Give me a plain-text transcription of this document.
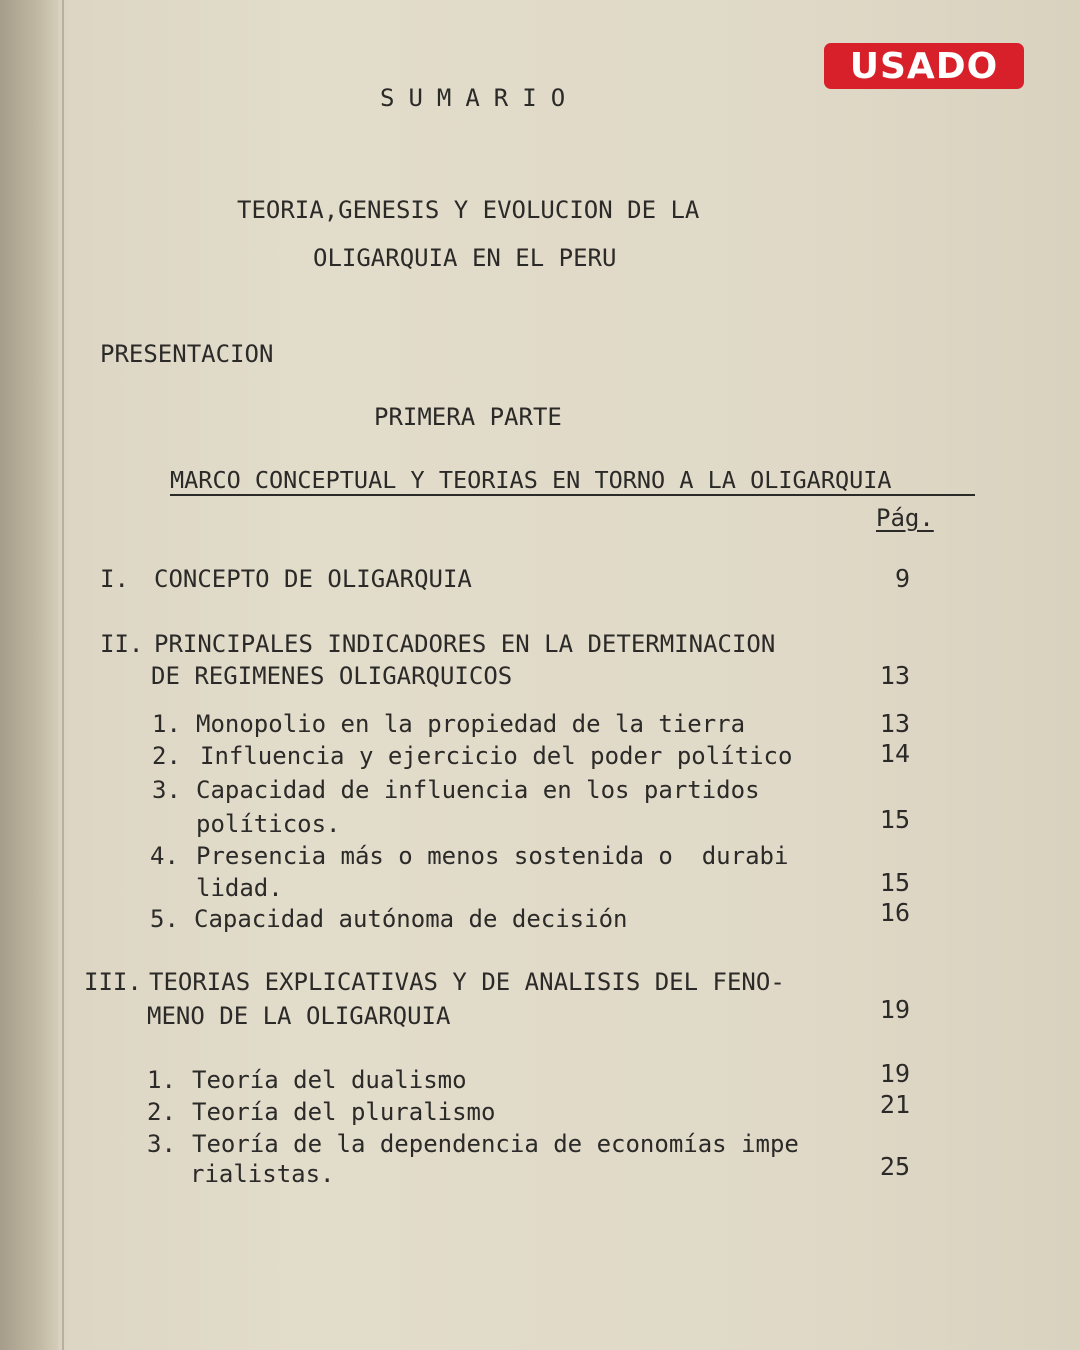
USADO
SUMARIO
TEORIA,GENESIS Y EVOLUCION DE LA
OLIGARQUIA EN EL PERU
PRESENTACION
PRIMERA PARTE
MARCO CONCEPTUAL Y TEORIAS EN TORNO A LA OLIGARQUIA
Pág.
I. CONCEPTO DE OLIGARQUIA	9
II. PRINCIPALES INDICADORES EN LA DETERMINACION
DE REGIMENES OLIGARQUICOS	13
1. Monopolio en la propiedad de la tierra	13
2. Influencia y ejercicio del poder político	14
3. Capacidad de influencia en los partidos
políticos.	15
4. Presencia más o menos sostenida o  durabi
lidad.	15
5. Capacidad autónoma de decisión	16
III. TEORIAS EXPLICATIVAS Y DE ANALISIS DEL FENO-
MENO DE LA OLIGARQUIA	19
1. Teoría del dualismo	19
2. Teoría del pluralismo	21
3. Teoría de la dependencia de economías impe
rialistas.	25
